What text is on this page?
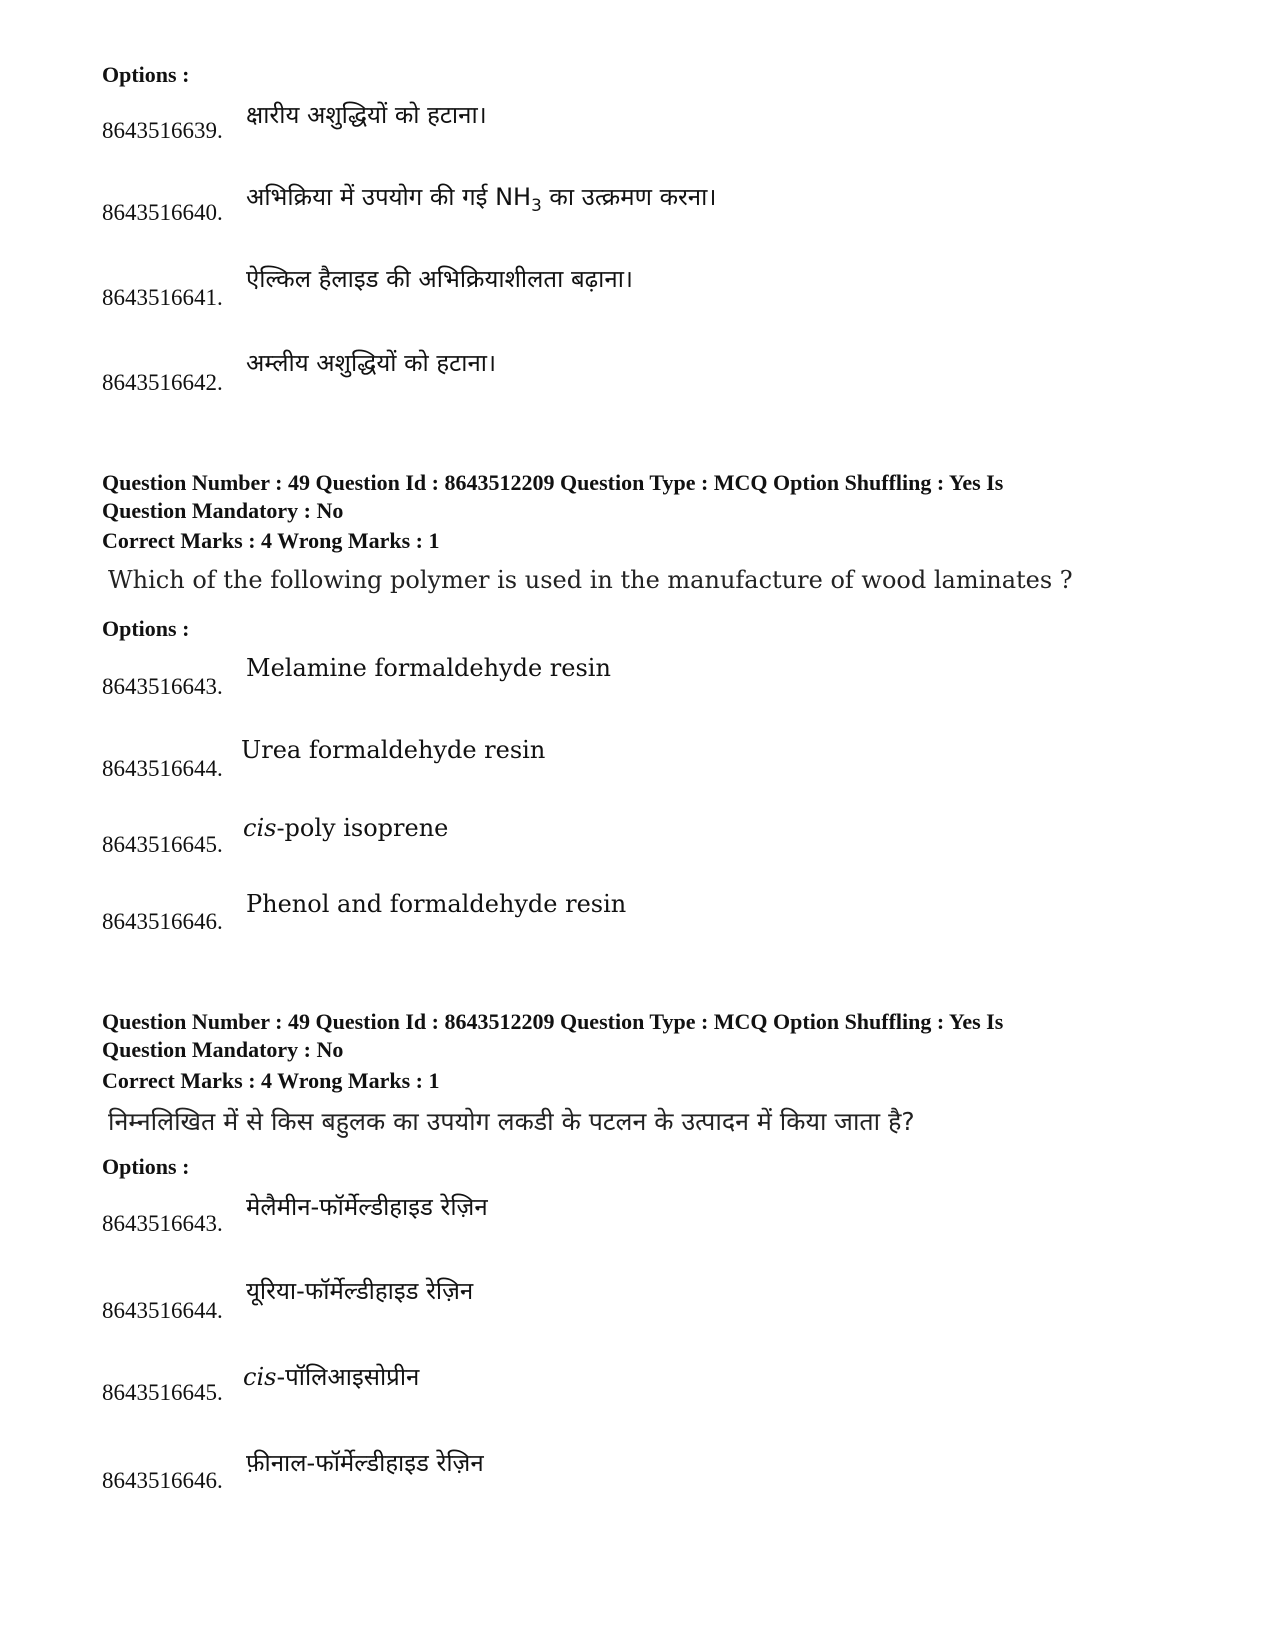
Options :
8643516639.
क्षारीय अशुद्धियों को हटाना।
8643516640.
अभिक्रिया में उपयोग की गई $NH_3$ का उत्क्रमण करना।
8643516641.
ऐल्किल हैलाइड की अभिक्रियाशीलता बढ़ाना।
8643516642.
अम्लीय अशुद्धियों को हटाना।
Question Number : 49 Question Id : 8643512209 Question Type : MCQ Option Shuffling : Yes Is
Question Mandatory : No
Correct Marks : 4 Wrong Marks : 1
Which of the following polymer is used in the manufacture of wood laminates ?
Options :
8643516643.
Melamine formaldehyde resin
8643516644.
Urea formaldehyde resin
8643516645.
cis-poly isoprene
8643516646.
Phenol and formaldehyde resin
Question Number : 49 Question Id : 8643512209 Question Type : MCQ Option Shuffling : Yes Is
Question Mandatory : No
Correct Marks : 4 Wrong Marks : 1
निम्नलिखित में से किस बहुलक का उपयोग लकडी के पटलन के उत्पादन में किया जाता है?
Options :
8643516643.
मेलैमीन-फॉर्मेल्डीहाइड रेज़िन
8643516644.
यूरिया-फॉर्मेल्डीहाइड रेज़िन
8643516645.
cis-पॉलिआइसोप्रीन
8643516646.
फ़ीनाल-फॉर्मेल्डीहाइड रेज़िन
